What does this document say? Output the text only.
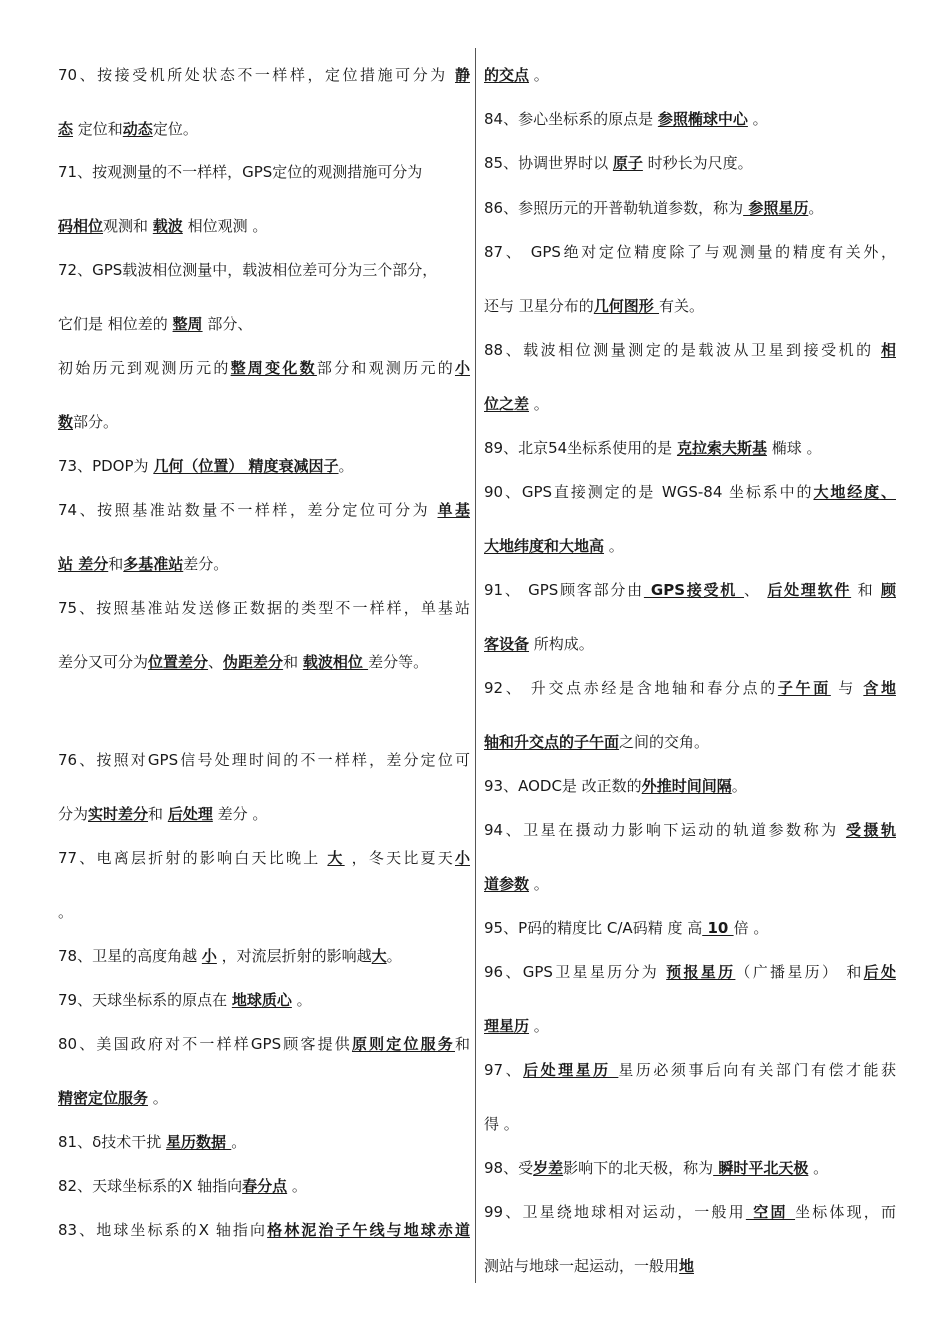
70、按接受机所处状态不一样样，定位措施可分为 静
态 定位和动态定位。
71、按观测量的不一样样，GPS定位的观测措施可分为
码相位观测和 载波 相位观测 。
72、GPS载波相位测量中，载波相位差可分为三个部分，
它们是 相位差的 整周 部分、
初始历元到观测历元的整周变化数部分和观测历元的小
数部分。
73、PDOP为 几何（位置） 精度衰减因子。
74、按照基准站数量不一样样，差分定位可分为 单基
站 差分和多基准站差分。
75、按照基准站发送修正数据的类型不一样样，单基站
差分又可分为位置差分、伪距差分和 载波相位 差分等。
76、按照对GPS信号处理时间的不一样样，差分定位可
分为实时差分和 后处理 差分 。
77、电离层折射的影响白天比晚上 大 ，冬天比夏天小
。
78、卫星的高度角越 小 ，对流层折射的影响越大。
79、天球坐标系的原点在 地球质心 。
80、美国政府对不一样样GPS顾客提供原则定位服务和
精密定位服务 。
81、δ技术干扰 星历数据 。
82、天球坐标系的X 轴指向春分点 。
83、地球坐标系的X 轴指向格林泥治子午线与地球赤道
的交点 。
84、参心坐标系的原点是 参照椭球中心 。
85、协调世界时以 原子 时秒长为尺度。
86、参照历元的开普勒轨道参数，称为 参照星历。
87、 GPS绝对定位精度除了与观测量的精度有关外，
还与 卫星分布的几何图形 有关。
88、载波相位测量测定的是载波从卫星到接受机的 相
位之差 。
89、北京54坐标系使用的是 克拉索夫斯基 椭球 。
90、GPS直接测定的是 WGS-84 坐标系中的大地经度、
大地纬度和大地高 。
91、 GPS顾客部分由 GPS接受机 、 后处理软件 和 顾
客设备 所构成。
92、 升交点赤经是含地轴和春分点的子午面 与 含地
轴和升交点的子午面之间的交角。
93、AODC是 改正数的外推时间间隔。
94、卫星在摄动力影响下运动的轨道参数称为 受摄轨
道参数 。
95、P码的精度比 C/A码精 度 高 10 倍 。
96、GPS卫星星历分为 预报星历（广播星历） 和后处
理星历 。
97、后处理星历 星历必须事后向有关部门有偿才能获
得 。
98、受岁差影响下的北天极，称为 瞬时平北天极 。
99、卫星绕地球相对运动，一般用 空固 坐标体现，而
测站与地球一起运动，一般用地
